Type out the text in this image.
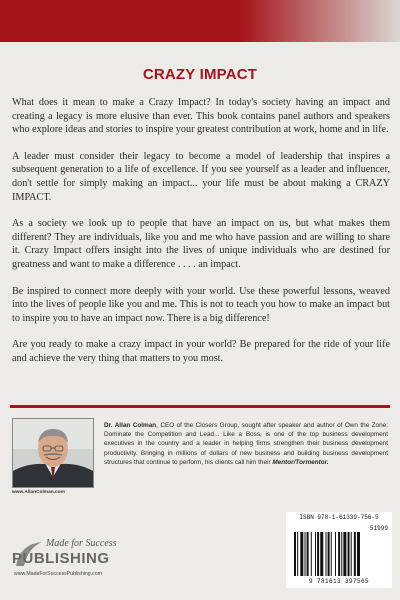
CRAZY IMPACT

What does it mean to make a Crazy Impact? In today's society having an impact and creating a legacy is more elusive than ever. This book contains panel authors and speakers who explore ideas and stories to inspire your greatest contribution at work, home and in life.

A leader must consider their legacy to become a model of leadership that inspires a subsequent generation to a life of excellence. If you see yourself as a leader and influencer, don't settle for simply making an impact... your life must be about making a CRAZY IMPACT.

As a society we look up to people that have an impact on us, but what makes them different? They are individuals, like you and me who have passion and are willing to share it. Crazy Impact offers insight into the lives of unique individuals who are destined for greatness and want to make a difference . . . . an impact.

Be inspired to connect more deeply with your world. Use these powerful lessons, weaved into the lives of people like you and me. This is not to teach you how to make an impact but to inspire you to have an impact now. There is a big difference!

Are you ready to make a crazy impact in your world? Be prepared for the ride of your life and achieve the very thing that matters to you most.

www.AllanColman.com
Dr. Allan Colman, CEO of the Closers Group, sought after speaker and author of Own the Zone: Dominate the Competition and Lead... Like a Boss, is one of the top business development executives in the country and a leader in helping firms strengthen their business development productivity. Bringing in millions of dollars of new business and building business development structures that continue to perform, his clients call him their Mentor/Tormentor.
Made for Success
PUBLISHING
www.MadeForSuccessPublishing.com
ISBN 978-1-61339-756-5
51999
9 781613 397565
